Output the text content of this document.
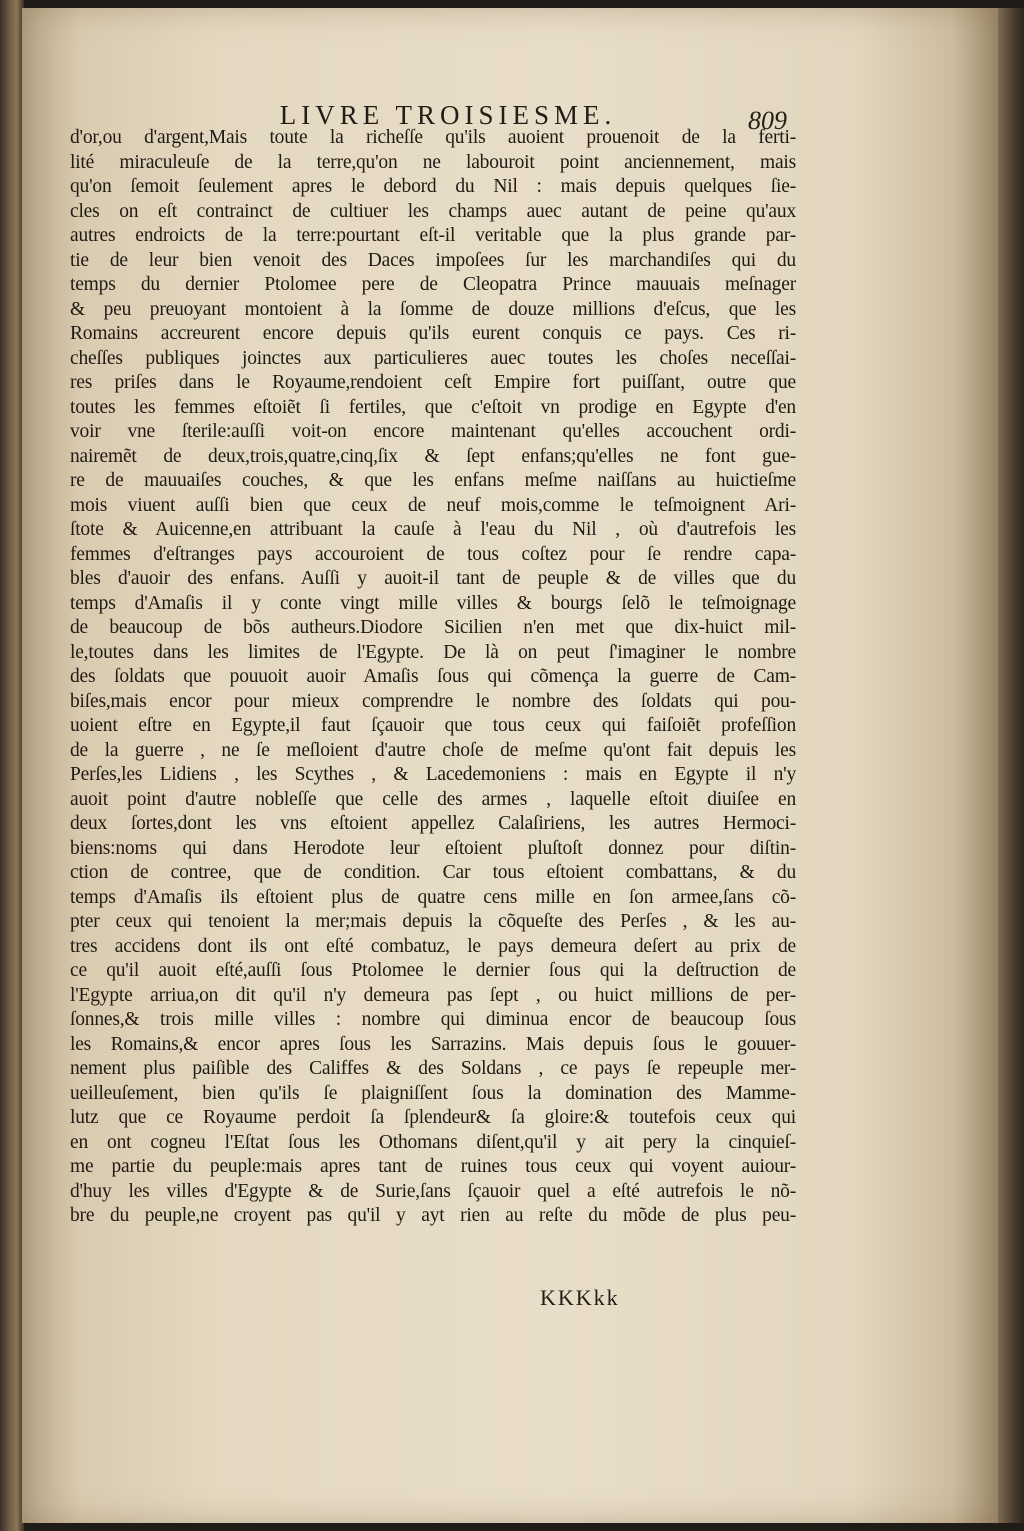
LIVRE TROISIESME.	809
d'or,ou d'argent,Mais toute la richeſſe qu'ils auoient prouenoit de la ferti-
lité miraculeuſe de la terre,qu'on ne labouroit point anciennement, mais
qu'on ſemoit ſeulement apres le debord du Nil : mais depuis quelques ſie-
cles on eſt contrainct de cultiuer les champs auec autant de peine qu'aux
autres endroicts de la terre:pourtant eſt-il veritable que la plus grande par-
tie de leur bien venoit des Daces impoſees ſur les marchandiſes qui du
temps du dernier Ptolomee pere de Cleopatra Prince mauuais meſnager
& peu preuoyant montoient à la ſomme de douze millions d'eſcus, que les
Romains accreurent encore depuis qu'ils eurent conquis ce pays. Ces ri-
cheſſes publiques joinctes aux particulieres auec toutes les choſes neceſſai-
res priſes dans le Royaume,rendoient ceſt Empire fort puiſſant, outre que
toutes les femmes eſtoiẽt ſi fertiles, que c'eſtoit vn prodige en Egypte d'en
voir vne ſterile:auſſi voit-on encore maintenant qu'elles accouchent ordi-
nairemẽt de deux,trois,quatre,cinq,ſix & ſept enfans;qu'elles ne font gue-
re de mauuaiſes couches, & que les enfans meſme naiſſans au huictieſme
mois viuent auſſi bien que ceux de neuf mois,comme le teſmoignent Ari-
ſtote & Auicenne,en attribuant la cauſe à l'eau du Nil , où d'autrefois les
femmes d'eſtranges pays accouroient de tous coſtez pour ſe rendre capa-
bles d'auoir des enfans. Auſſi y auoit-il tant de peuple & de villes que du
temps d'Amaſis il y conte vingt mille villes & bourgs ſelõ le teſmoignage
de beaucoup de bõs autheurs.Diodore Sicilien n'en met que dix-huict mil-
le,toutes dans les limites de l'Egypte. De là on peut ſ'imaginer le nombre
des ſoldats que pouuoit auoir Amaſis ſous qui cõmença la guerre de Cam-
biſes,mais encor pour mieux comprendre le nombre des ſoldats qui pou-
uoient eſtre en Egypte,il faut ſçauoir que tous ceux qui faiſoiẽt profeſſion
de la guerre , ne ſe meſloient d'autre choſe de meſme qu'ont fait depuis les
Perſes,les Lidiens , les Scythes , & Lacedemoniens : mais en Egypte il n'y
auoit point d'autre nobleſſe que celle des armes , laquelle eſtoit diuiſee en
deux ſortes,dont les vns eſtoient appellez Calaſiriens, les autres Hermoci-
biens:noms qui dans Herodote leur eſtoient pluſtoſt donnez pour diſtin-
ction de contree, que de condition. Car tous eſtoient combattans, & du
temps d'Amaſis ils eſtoient plus de quatre cens mille en ſon armee,ſans cõ-
pter ceux qui tenoient la mer;mais depuis la cõqueſte des Perſes , & les au-
tres accidens dont ils ont eſté combatuz, le pays demeura deſert au prix de
ce qu'il auoit eſté,auſſi ſous Ptolomee le dernier ſous qui la deſtruction de
l'Egypte arriua,on dit qu'il n'y demeura pas ſept , ou huict millions de per-
ſonnes,& trois mille villes : nombre qui diminua encor de beaucoup ſous
les Romains,& encor apres ſous les Sarrazins. Mais depuis ſous le gouuer-
nement plus paiſible des Califfes & des Soldans , ce pays ſe repeuple mer-
ueilleuſement, bien qu'ils ſe plaigniſſent ſous la domination des Mamme-
lutz que ce Royaume perdoit ſa ſplendeur& ſa gloire:& toutefois ceux qui
en ont cogneu l'Eſtat ſous les Othomans diſent,qu'il y ait pery la cinquieſ-
me partie du peuple:mais apres tant de ruines tous ceux qui voyent auiour-
d'huy les villes d'Egypte & de Surie,ſans ſçauoir quel a eſté autrefois le nõ-
bre du peuple,ne croyent pas qu'il y ayt rien au reſte du mõde de plus peu-
KKKkk
